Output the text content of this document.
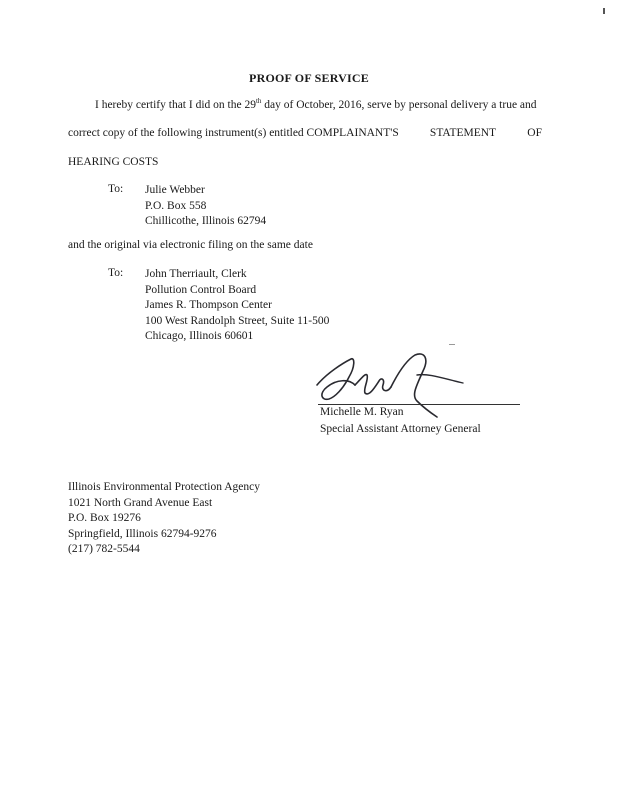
PROOF OF SERVICE
I hereby certify that I did on the 29th day of October, 2016, serve by personal delivery a true and
correct copy of the following instrument(s) entitled COMPLAINANT'S	STATEMENT	OF
HEARING COSTS
To: Julie Webber
P.O. Box 558
Chillicothe, Illinois 62794
and the original via electronic filing on the same date
To: John Therriault, Clerk
Pollution Control Board
James R. Thompson Center
100 West Randolph Street, Suite 11-500
Chicago, Illinois 60601
Michelle M. Ryan
Special Assistant Attorney General
Illinois Environmental Protection Agency
1021 North Grand Avenue East
P.O. Box 19276
Springfield, Illinois 62794-9276
(217) 782-5544
